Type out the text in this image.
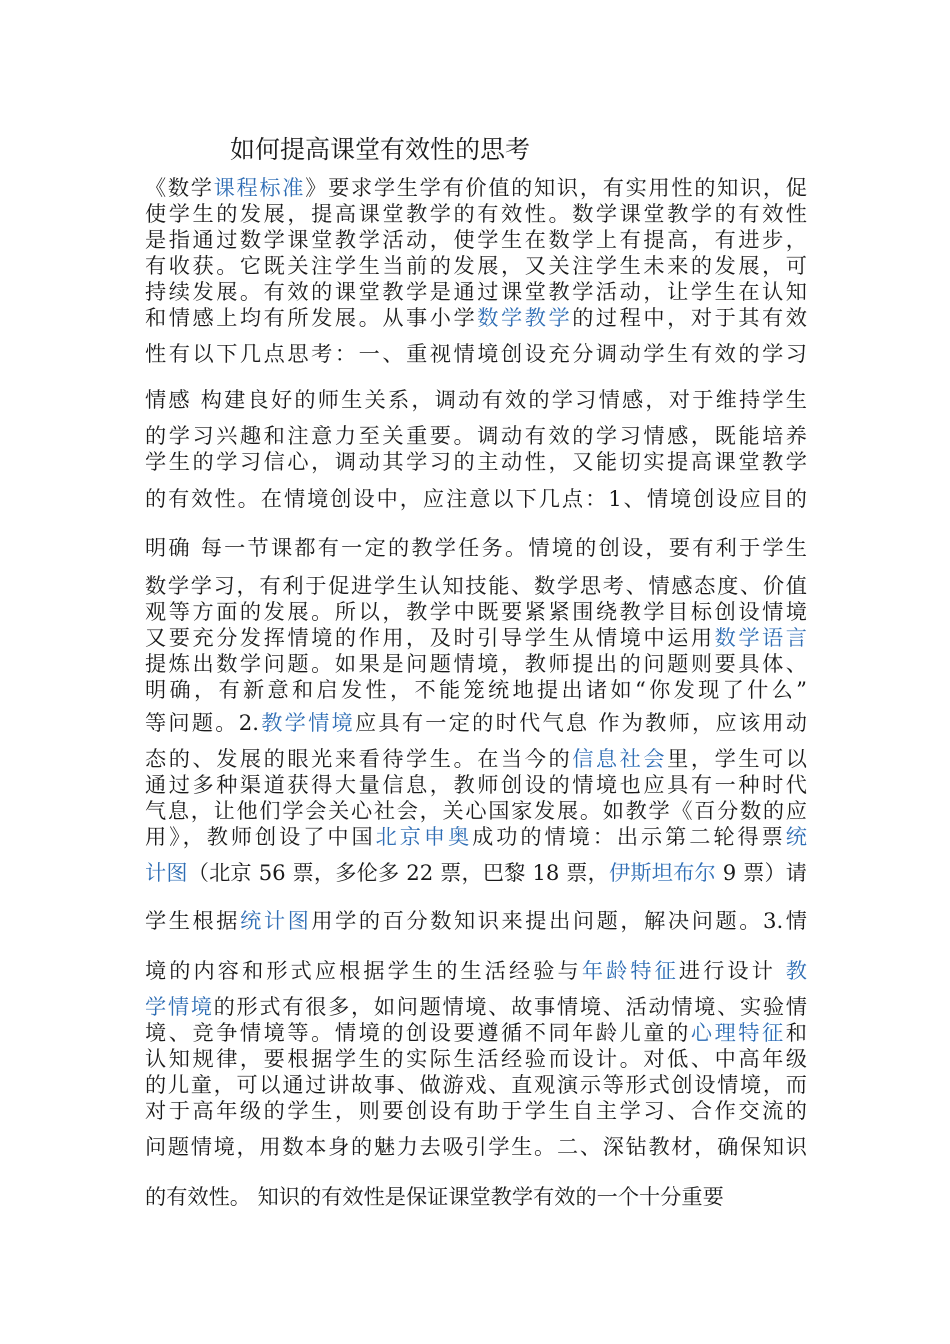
如何提高课堂有效性的思考
《数学课程标准》要求学生学有价值的知识，有实用性的知识，促
使学生的发展，提高课堂教学的有效性。数学课堂教学的有效性
是指通过数学课堂教学活动，使学生在数学上有提高，有进步，
有收获。它既关注学生当前的发展，又关注学生未来的发展，可
持续发展。有效的课堂教学是通过课堂教学活动，让学生在认知
和情感上均有所发展。从事小学数学教学的过程中，对于其有效
性有以下几点思考：一、重视情境创设充分调动学生有效的学习
情感 构建良好的师生关系，调动有效的学习情感，对于维持学生
的学习兴趣和注意力至关重要。调动有效的学习情感，既能培养
学生的学习信心，调动其学习的主动性，又能切实提高课堂教学
的有效性。在情境创设中，应注意以下几点：1、情境创设应目的
明确 每一节课都有一定的教学任务。情境的创设，要有利于学生
数学学习，有利于促进学生认知技能、数学思考、情感态度、价值
观等方面的发展。所以，教学中既要紧紧围绕教学目标创设情境
又要充分发挥情境的作用，及时引导学生从情境中运用数学语言
提炼出数学问题。如果是问题情境，教师提出的问题则要具体、
明确，有新意和启发性，不能笼统地提出诸如“你发现了什么”
等问题。2.教学情境应具有一定的时代气息 作为教师，应该用动
态的、发展的眼光来看待学生。在当今的信息社会里，学生可以
通过多种渠道获得大量信息，教师创设的情境也应具有一种时代
气息，让他们学会关心社会，关心国家发展。如教学《百分数的应
用》，教师创设了中国北京申奥成功的情境：出示第二轮得票统
计图（北京 56 票，多伦多 22 票，巴黎 18 票，伊斯坦布尔 9 票）请
学生根据统计图用学的百分数知识来提出问题，解决问题。3.情
境的内容和形式应根据学生的生活经验与年龄特征进行设计 教
学情境的形式有很多，如问题情境、故事情境、活动情境、实验情
境、竞争情境等。情境的创设要遵循不同年龄儿童的心理特征和
认知规律，要根据学生的实际生活经验而设计。对低、中高年级
的儿童，可以通过讲故事、做游戏、直观演示等形式创设情境，而
对于高年级的学生，则要创设有助于学生自主学习、合作交流的
问题情境，用数本身的魅力去吸引学生。二、深钻教材，确保知识
的有效性。 知识的有效性是保证课堂教学有效的一个十分重要
